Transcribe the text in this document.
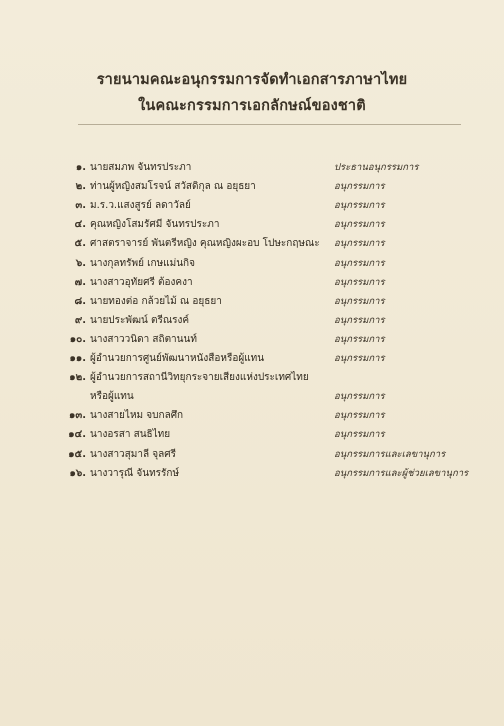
รายนามคณะอนุกรรมการจัดทำเอกสารภาษาไทย
ในคณะกรรมการเอกลักษณ์ของชาติ
๑. นายสมภพ จันทรประภา	ประธานอนุกรรมการ
๒. ท่านผู้หญิงสมโรจน์ สวัสดิกุล ณ อยุธยา	อนุกรรมการ
๓. ม.ร.ว.แสงสูรย์ ลดาวัลย์	อนุกรรมการ
๔. คุณหญิงโสมรัศมี จันทรประภา	อนุกรรมการ
๕. ศาสตราจารย์ พันตรีหญิง คุณหญิงผะอบ โปษะกฤษณะ	อนุกรรมการ
๖. นางกุลทรัพย์ เกษแม่นกิจ	อนุกรรมการ
๗. นางสาวอุทัยศรี ต้องคงา	อนุกรรมการ
๘. นายทองต่อ กล้วยไม้ ณ อยุธยา	อนุกรรมการ
๙. นายประพัฒน์ ตรีณรงค์	อนุกรรมการ
๑๐. นางสาววนิดา สถิตานนท์	อนุกรรมการ
๑๑. ผู้อำนวยการศูนย์พัฒนาหนังสือหรือผู้แทน	อนุกรรมการ
๑๒. ผู้อำนวยการสถานีวิทยุกระจายเสียงแห่งประเทศไทย
หรือผู้แทน	อนุกรรมการ
๑๓. นางสายไหม จบกลศึก	อนุกรรมการ
๑๔. นางอรสา สนธิไทย	อนุกรรมการ
๑๕. นางสาวสุมาลี จุลศรี	อนุกรรมการและเลขานุการ
๑๖. นางวารุณี จันทรรักษ์	อนุกรรมการและผู้ช่วยเลขานุการ
